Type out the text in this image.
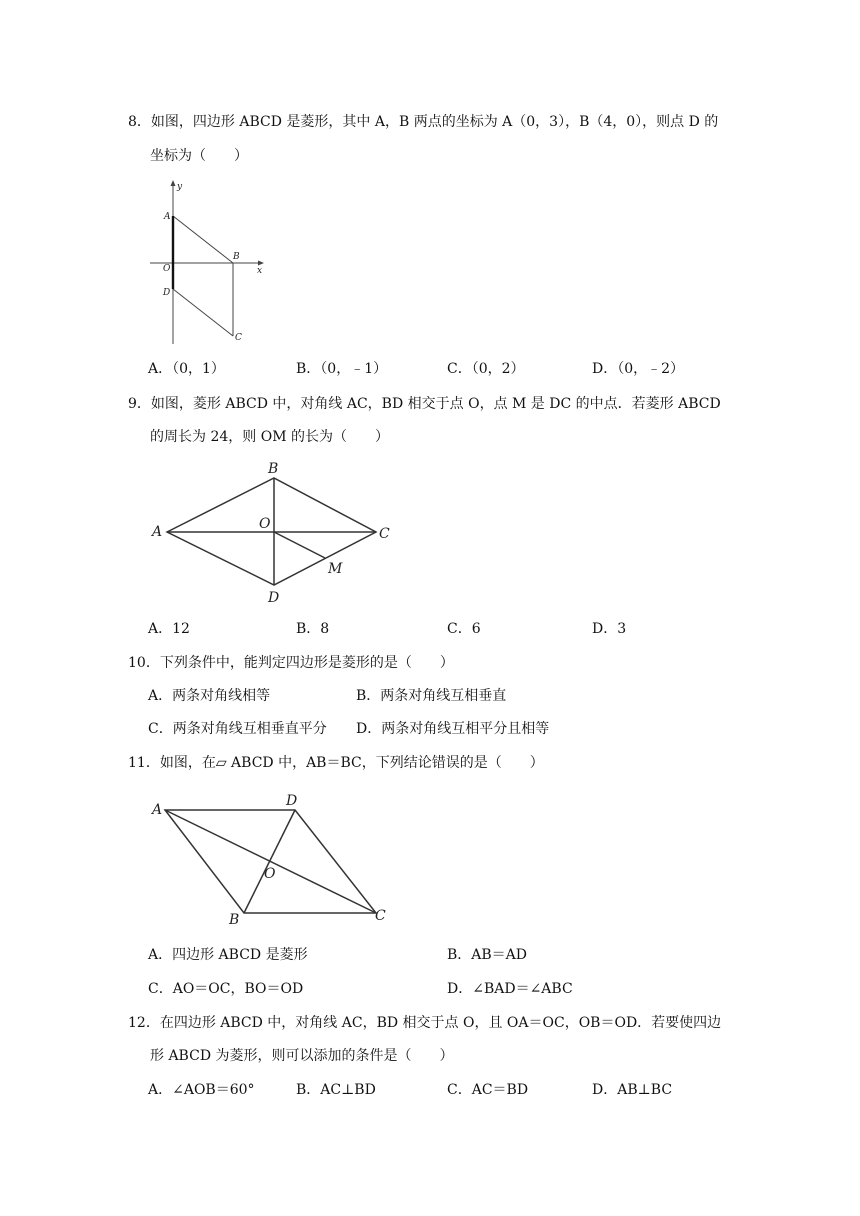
8．如图，四边形 ABCD 是菱形，其中 A，B 两点的坐标为 A（0，3），B（4，0），则点 D 的
坐标为（　　）
y
x
A
B
O
D
C
A．（0，1）	B．（0，﹣1）	C．（0，2）	D．（0，﹣2）
9．如图，菱形 ABCD 中，对角线 AC，BD 相交于点 O，点 M 是 DC 的中点．若菱形 ABCD
的周长为 24，则 OM 的长为（　　）
A
B
C
D
O
M
A．12	B．8	C．6	D．3
10．下列条件中，能判定四边形是菱形的是（　　）
A．两条对角线相等	B．两条对角线互相垂直
C．两条对角线互相垂直平分 D．两条对角线互相平分且相等
11．如图，在▱ ABCD 中，AB＝BC，下列结论错误的是（　　）
A
D
B	C
O
A．四边形 ABCD 是菱形	B．AB＝AD
C．AO＝OC，BO＝OD	D．∠BAD＝∠ABC
12．在四边形 ABCD 中，对角线 AC，BD 相交于点 O，且 OA＝OC，OB＝OD．若要使四边
形 ABCD 为菱形，则可以添加的条件是（　　）
A．∠AOB＝60°	B．AC⊥BD	C．AC＝BD	D．AB⊥BC
